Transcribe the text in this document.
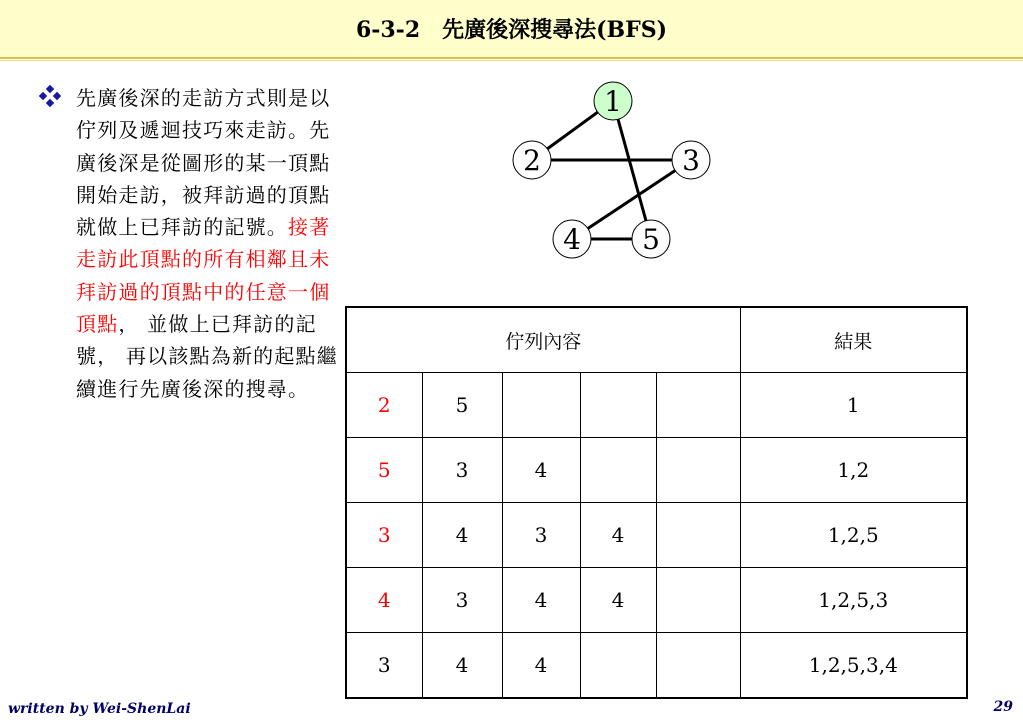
6-3-2　先廣後深搜尋法(BFS)
先廣後深的走訪方式則是以佇列及遞迴技巧來走訪。先廣後深是從圖形的某一頂點開始走訪，被拜訪過的頂點就做上已拜訪的記號。接著走訪此頂點的所有相鄰且未拜訪過的頂點中的任意一個頂點， 並做上已拜訪的記號， 再以該點為新的起點繼續進行先廣後深的搜尋。
1
2	3
4 5
佇列內容					結果
2	5				1
5	3	4			1,2
3	4	3	4		1,2,5
4	3	4	4		1,2,5,3
3	4	4			1,2,5,3,4
written by Wei-ShenLai	29
